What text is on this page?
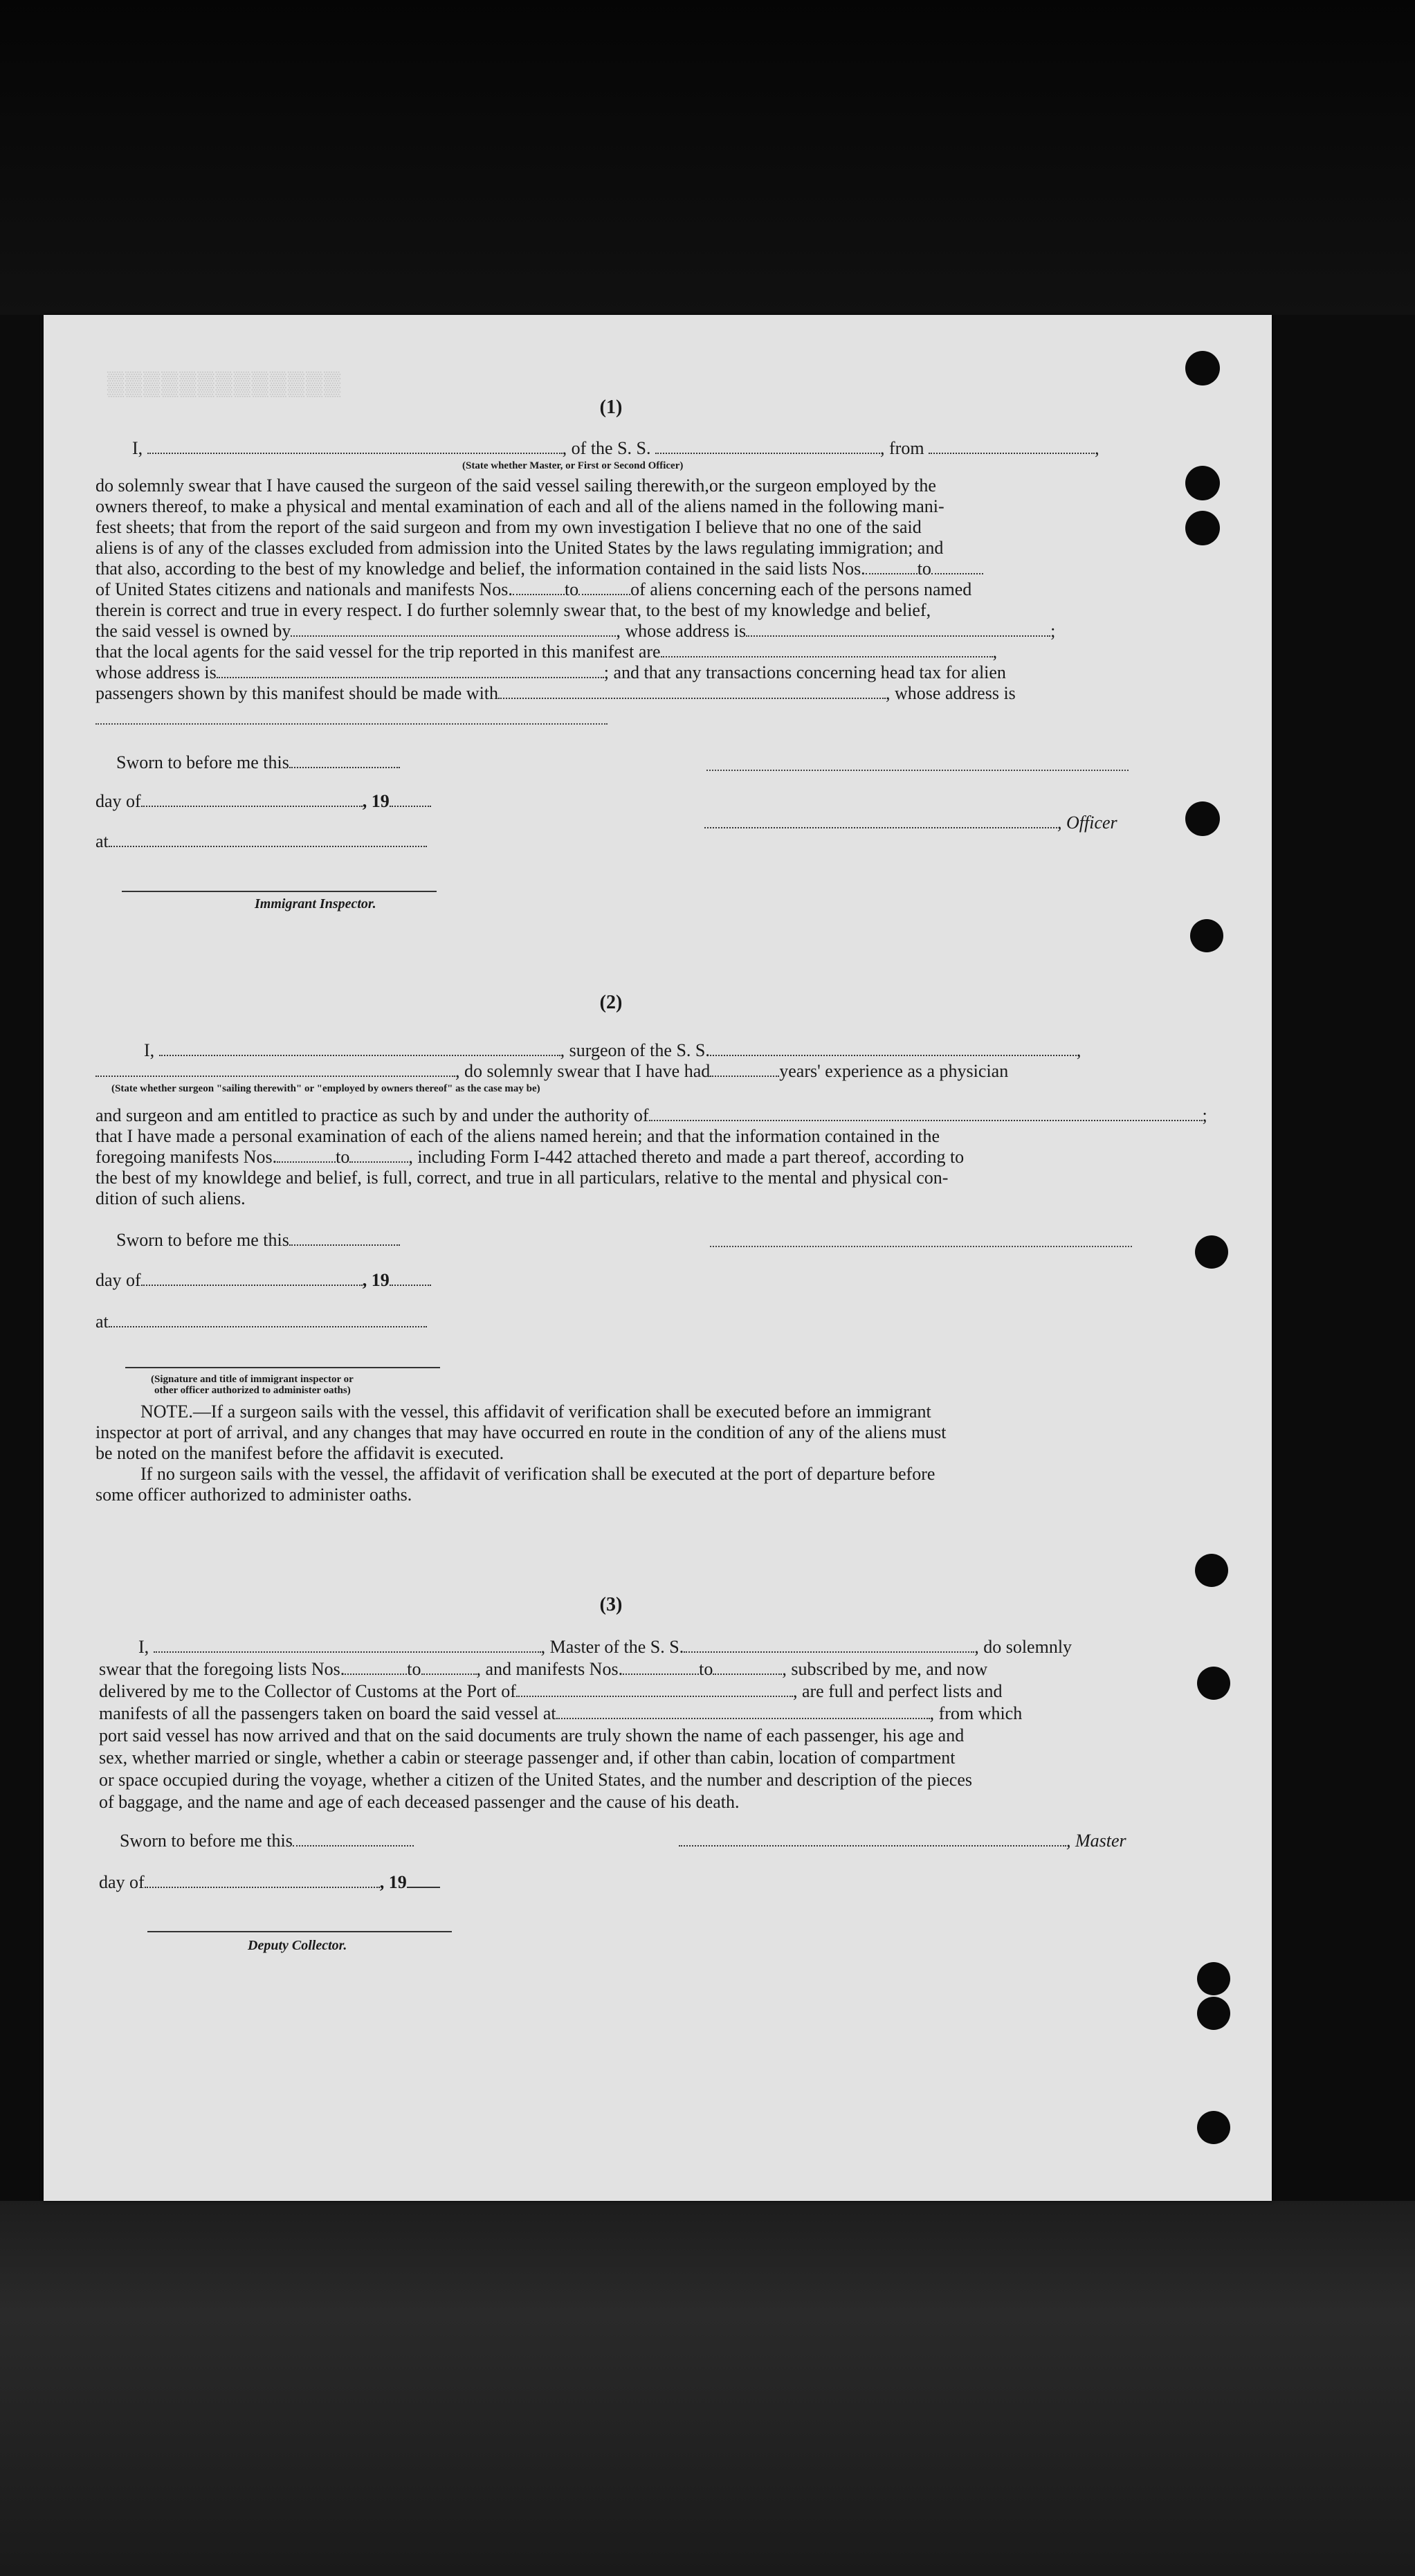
▒▒▒▒▒▒▒▒▒▒▒▒▒
(1)
I,	, of the S. S.	, from	,
(State whether Master, or First or Second Officer)
do solemnly swear that I have caused the surgeon of the said vessel sailing therewith,or the surgeon employed by the
owners thereof, to make a physical and mental examination of each and all of the aliens named in the following mani-
fest sheets; that from the report of the said surgeon and from my own investigation I believe that no one of the said
aliens is of any of the classes excluded from admission into the United States by the laws regulating immigration; and
that also, according to the best of my knowledge and belief, the information contained in the said lists Nos.	to
of United States citizens and nationals and manifests Nos.	to	of aliens concerning each of the persons named
therein is correct and true in every respect. I do further solemnly swear that, to the best of my knowledge and belief,
the said vessel is owned by	, whose address is	;
that the local agents for the said vessel for the trip reported in this manifest are	,
whose address is	; and that any transactions concerning head tax for alien
passengers shown by this manifest should be made with	, whose address is
Sworn to before me this
day of	, 19
at
Immigrant Inspector.
, Officer
(2)
I,	, surgeon of the S. S.	,
, do solemnly swear that I have had	years' experience as a physician
(State whether surgeon "sailing therewith" or "employed by owners thereof" as the case may be)
and surgeon and am entitled to practice as such by and under the authority of	;
that I have made a personal examination of each of the aliens named herein; and that the information contained in the
foregoing manifests Nos.	to	, including Form I-442 attached thereto and made a part thereof, according to
the best of my knowldege and belief, is full, correct, and true in all particulars, relative to the mental and physical con-
dition of such aliens.
Sworn to before me this
day of	, 19
at
(Signature and title of immigrant inspector or
other officer authorized to administer oaths)
NOTE.—If a surgeon sails with the vessel, this affidavit of verification shall be executed before an immigrant
inspector at port of arrival, and any changes that may have occurred en route in the condition of any of the aliens must
be noted on the manifest before the affidavit is executed.
If no surgeon sails with the vessel, the affidavit of verification shall be executed at the port of departure before
some officer authorized to administer oaths.
(3)
I,	, Master of the S. S.	, do solemnly
swear that the foregoing lists Nos.	to	, and manifests Nos.	to	, subscribed by me, and now
delivered by me to the Collector of Customs at the Port of	, are full and perfect lists and
manifests of all the passengers taken on board the said vessel at	, from which
port said vessel has now arrived and that on the said documents are truly shown the name of each passenger, his age and
sex, whether married or single, whether a cabin or steerage passenger and, if other than cabin, location of compartment
or space occupied during the voyage, whether a citizen of the United States, and the number and description of the pieces
of baggage, and the name and age of each deceased passenger and the cause of his death.
Sworn to before me this	, Master
day of	, 19
Deputy Collector.
